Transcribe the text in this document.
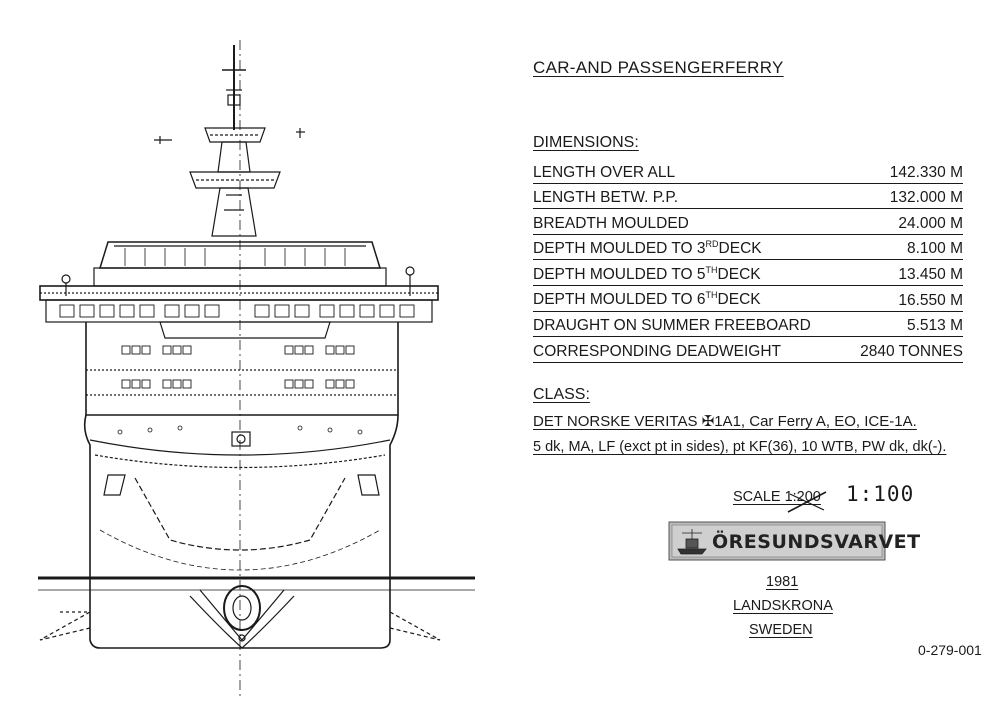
CAR-AND PASSENGERFERRY
DIMENSIONS:
LENGTH OVER ALL	142.330 M
LENGTH BETW. P.P.	132.000 M
BREADTH MOULDED	24.000 M
DEPTH MOULDED TO 3RDDECK	8.100 M
DEPTH MOULDED TO 5THDECK	13.450 M
DEPTH MOULDED TO 6THDECK	16.550 M
DRAUGHT ON SUMMER FREEBOARD	5.513 M
CORRESPONDING DEADWEIGHT	2840 TONNES
CLASS:
DET NORSKE VERITAS ✠1A1, Car Ferry A, EO, ICE-1A.
5 dk, MA, LF (exct pt in sides), pt KF(36), 10 WTB, PW dk, dk(-).
SCALE 1:200 1:100
ÖRESUNDSVARVET
1981
LANDSKRONA
SWEDEN
0-279-001
